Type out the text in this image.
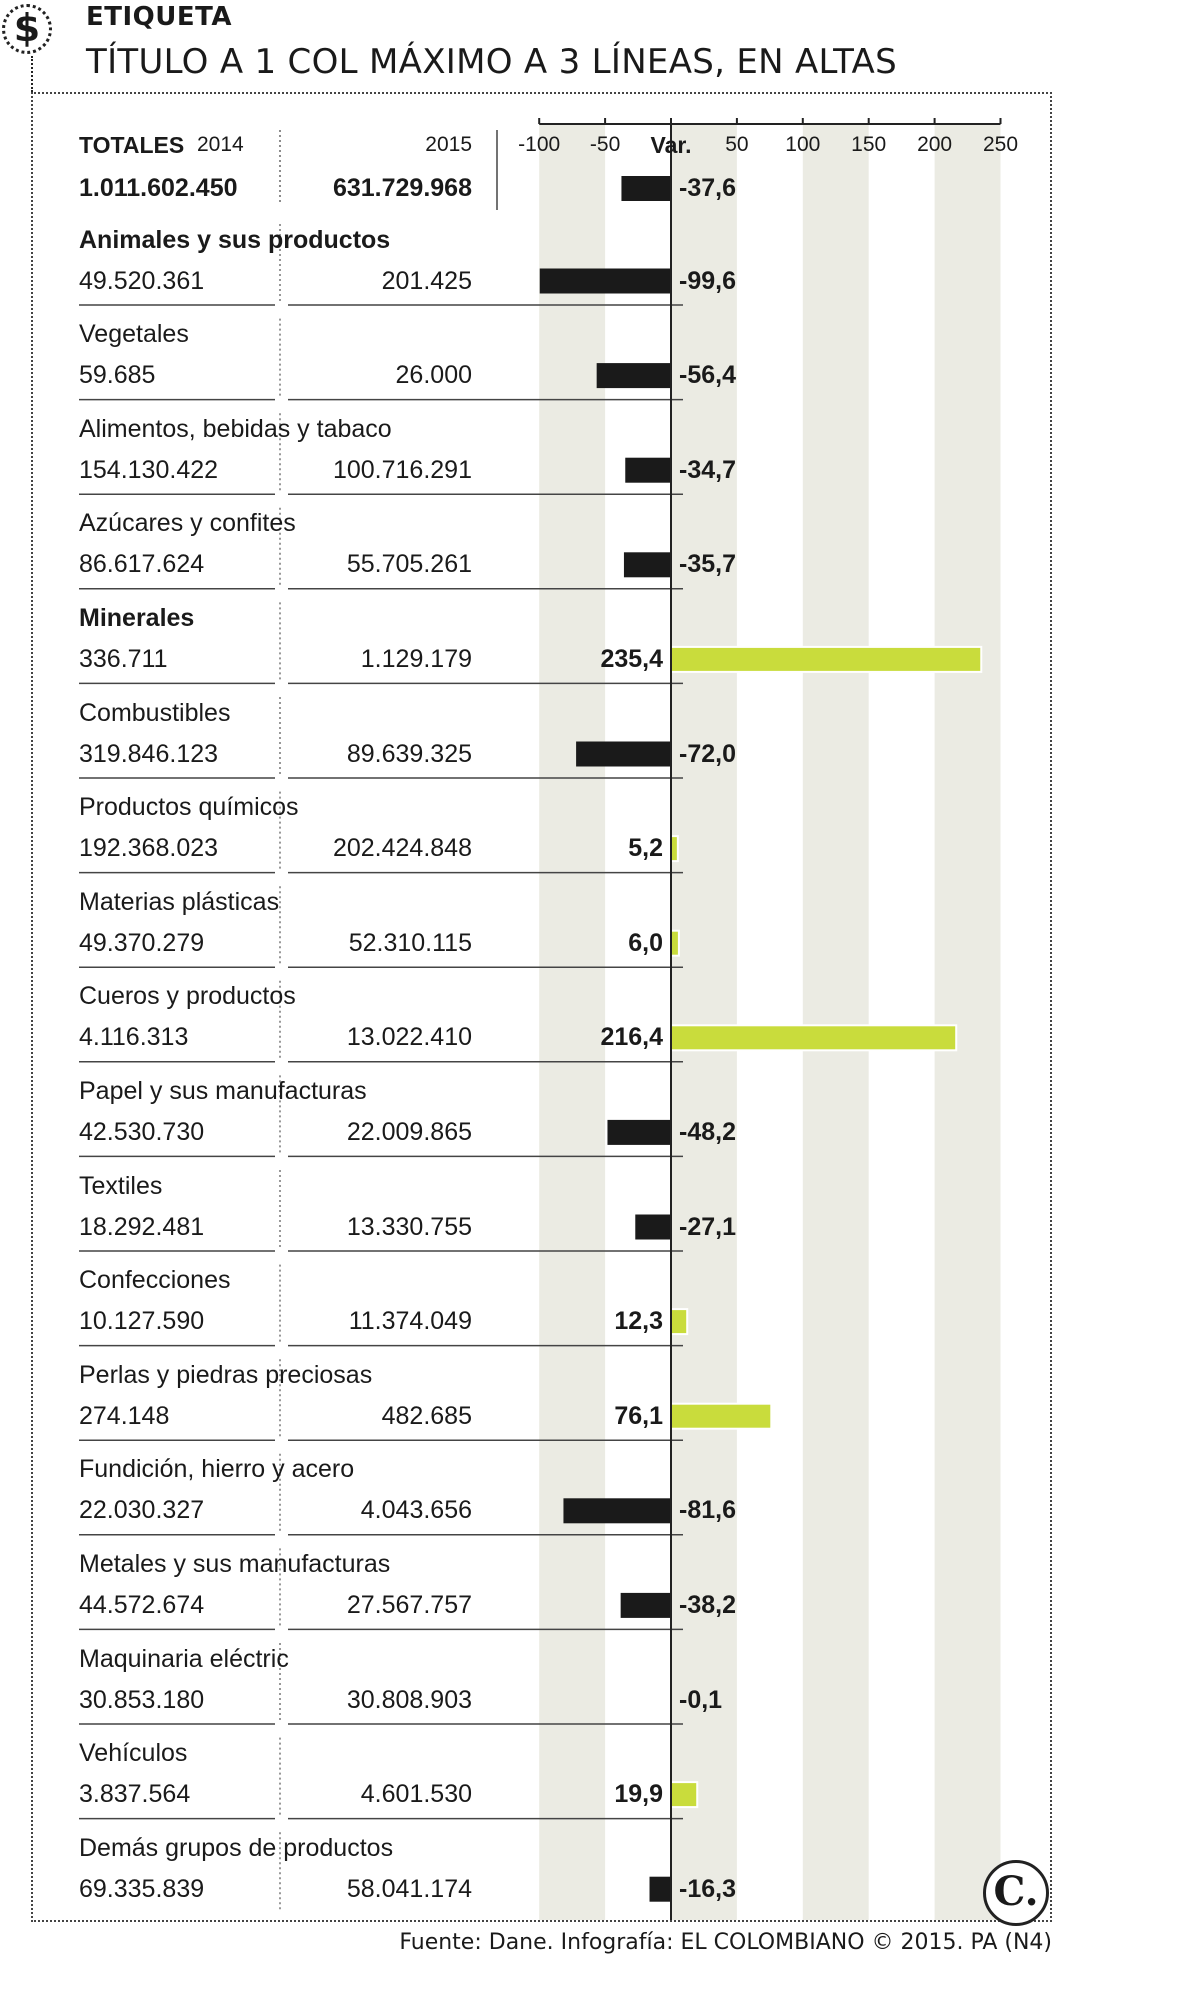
$	ETIQUETA
TÍTULO A 1 COL MÁXIMO A 3 LÍNEAS, EN ALTAS
-100 -50	50 100 150 200 250
Var.
TOTALES 2014	2015
1.011.602.450	631.729.968	-37,6
Animales y sus productos
49.520.361	201.425	-99,6
Vegetales
59.685	26.000	-56,4
Alimentos, bebidas y tabaco
154.130.422	100.716.291	-34,7
Azúcares y confites
86.617.624	55.705.261	-35,7
Minerales
336.711	1.129.179	235,4
Combustibles
319.846.123	89.639.325	-72,0
Productos químicos
192.368.023	202.424.848	5,2
Materias plásticas
49.370.279	52.310.115	6,0
Cueros y productos
4.116.313	13.022.410	216,4
Papel y sus manufacturas
42.530.730	22.009.865	-48,2
Textiles
18.292.481	13.330.755	-27,1
Confecciones
10.127.590	11.374.049	12,3
Perlas y piedras preciosas
274.148	482.685	76,1
Fundición, hierro y acero
22.030.327	4.043.656	-81,6
Metales y sus manufacturas
44.572.674	27.567.757	-38,2
Maquinaria eléctric
30.853.180	30.808.903	-0,1
Vehículos
3.837.564	4.601.530	19,9
Demás grupos de productos
69.335.839	58.041.174	-16,3	C.
Fuente: Dane. Infografía: EL COLOMBIANO © 2015. PA (N4)
